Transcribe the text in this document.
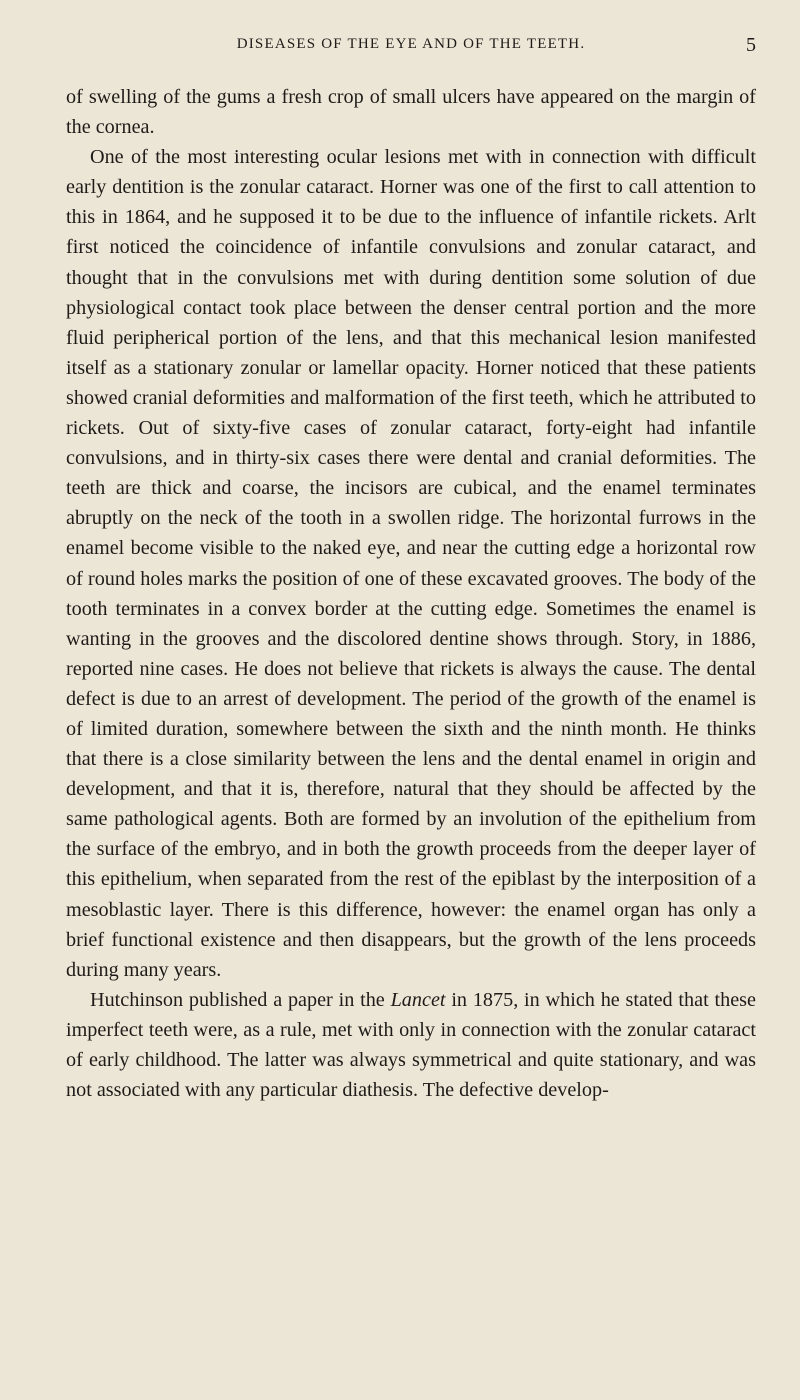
DISEASES OF THE EYE AND OF THE TEETH.	5

of swelling of the gums a fresh crop of small ulcers have appeared on the margin of the cornea.

One of the most interesting ocular lesions met with in connection with difficult early dentition is the zonular cataract. Horner was one of the first to call attention to this in 1864, and he supposed it to be due to the influence of infantile rickets. Arlt first noticed the coincidence of infantile convulsions and zonular cataract, and thought that in the convulsions met with during dentition some solution of due physiological contact took place between the denser central portion and the more fluid peripherical portion of the lens, and that this mechanical lesion manifested itself as a stationary zonular or lamellar opacity. Horner noticed that these patients showed cranial deformities and malformation of the first teeth, which he attributed to rickets. Out of sixty-five cases of zonular cataract, forty-eight had infantile convulsions, and in thirty-six cases there were dental and cranial deformities. The teeth are thick and coarse, the incisors are cubical, and the enamel terminates abruptly on the neck of the tooth in a swollen ridge. The horizontal furrows in the enamel become visible to the naked eye, and near the cutting edge a horizontal row of round holes marks the position of one of these excavated grooves. The body of the tooth terminates in a convex border at the cutting edge. Sometimes the enamel is wanting in the grooves and the discolored dentine shows through. Story, in 1886, reported nine cases. He does not believe that rickets is always the cause. The dental defect is due to an arrest of development. The period of the growth of the enamel is of limited duration, somewhere between the sixth and the ninth month. He thinks that there is a close similarity between the lens and the dental enamel in origin and development, and that it is, therefore, natural that they should be affected by the same pathological agents. Both are formed by an involution of the epithelium from the surface of the embryo, and in both the growth proceeds from the deeper layer of this epithelium, when separated from the rest of the epiblast by the interposition of a mesoblastic layer. There is this difference, however: the enamel organ has only a brief functional existence and then disappears, but the growth of the lens proceeds during many years.

Hutchinson published a paper in the Lancet in 1875, in which he stated that these imperfect teeth were, as a rule, met with only in connection with the zonular cataract of early childhood. The latter was always symmetrical and quite stationary, and was not associated with any particular diathesis. The defective develop-
